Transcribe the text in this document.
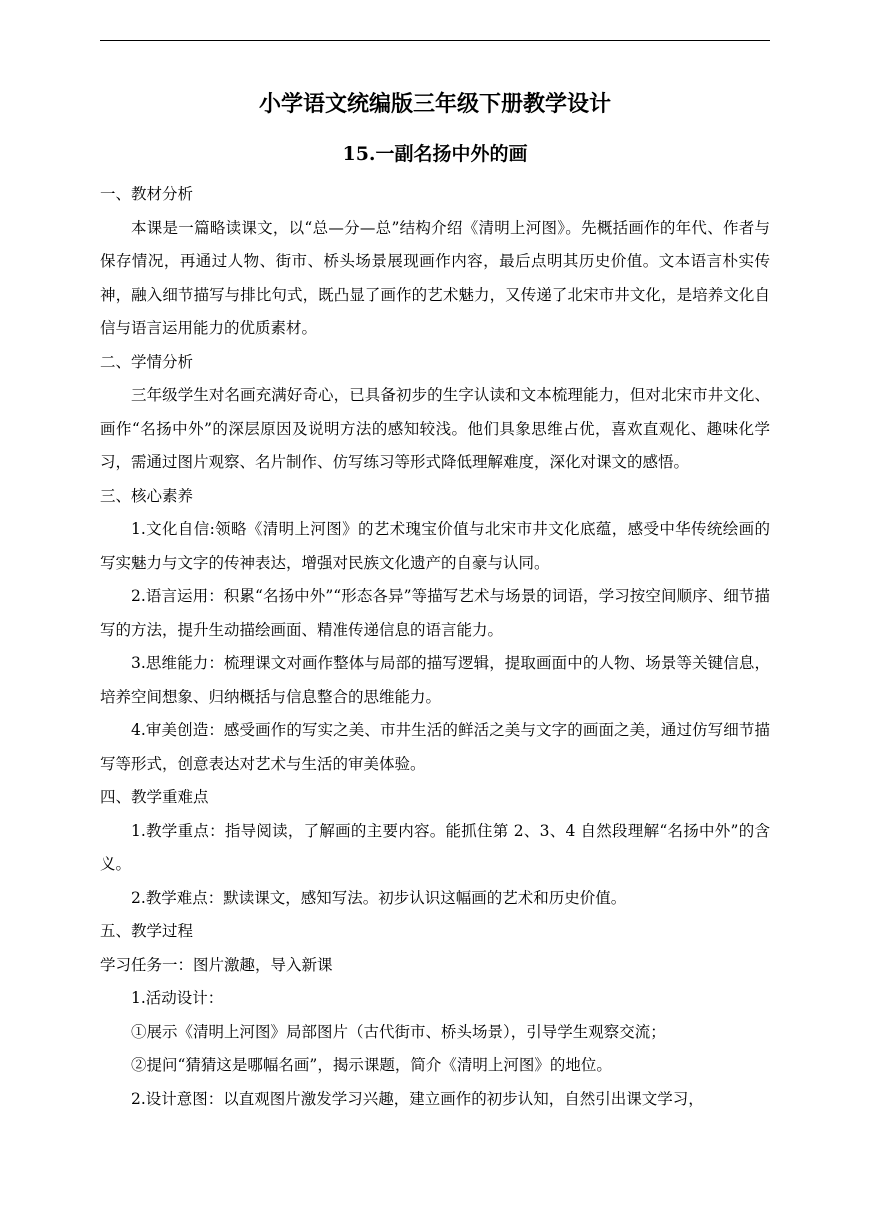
小学语文统编版三年级下册教学设计
15.一副名扬中外的画

一、教材分析

本课是一篇略读课文，以“总—分—总”结构介绍《清明上河图》。先概括画作的年代、作者与保存情况，再通过人物、街市、桥头场景展现画作内容，最后点明其历史价值。文本语言朴实传神，融入细节描写与排比句式，既凸显了画作的艺术魅力，又传递了北宋市井文化，是培养文化自信与语言运用能力的优质素材。

二、学情分析

三年级学生对名画充满好奇心，已具备初步的生字认读和文本梳理能力，但对北宋市井文化、画作“名扬中外”的深层原因及说明方法的感知较浅。他们具象思维占优，喜欢直观化、趣味化学习，需通过图片观察、名片制作、仿写练习等形式降低理解难度，深化对课文的感悟。

三、核心素养

1.文化自信:领略《清明上河图》的艺术瑰宝价值与北宋市井文化底蕴，感受中华传统绘画的写实魅力与文字的传神表达，增强对民族文化遗产的自豪与认同。

2.语言运用：积累“名扬中外”“形态各异”等描写艺术与场景的词语，学习按空间顺序、细节描写的方法，提升生动描绘画面、精准传递信息的语言能力。

3.思维能力：梳理课文对画作整体与局部的描写逻辑，提取画面中的人物、场景等关键信息，培养空间想象、归纳概括与信息整合的思维能力。

4.审美创造：感受画作的写实之美、市井生活的鲜活之美与文字的画面之美，通过仿写细节描写等形式，创意表达对艺术与生活的审美体验。

四、教学重难点

1.教学重点：指导阅读，了解画的主要内容。能抓住第 2、3、4 自然段理解“名扬中外”的含义。

2.教学难点：默读课文，感知写法。初步认识这幅画的艺术和历史价值。

五、教学过程

学习任务一：图片激趣，导入新课

1.活动设计：

①展示《清明上河图》局部图片（古代街市、桥头场景），引导学生观察交流；

②提问“猜猜这是哪幅名画”，揭示课题，简介《清明上河图》的地位。

2.设计意图：以直观图片激发学习兴趣，建立画作的初步认知，自然引出课文学习，
